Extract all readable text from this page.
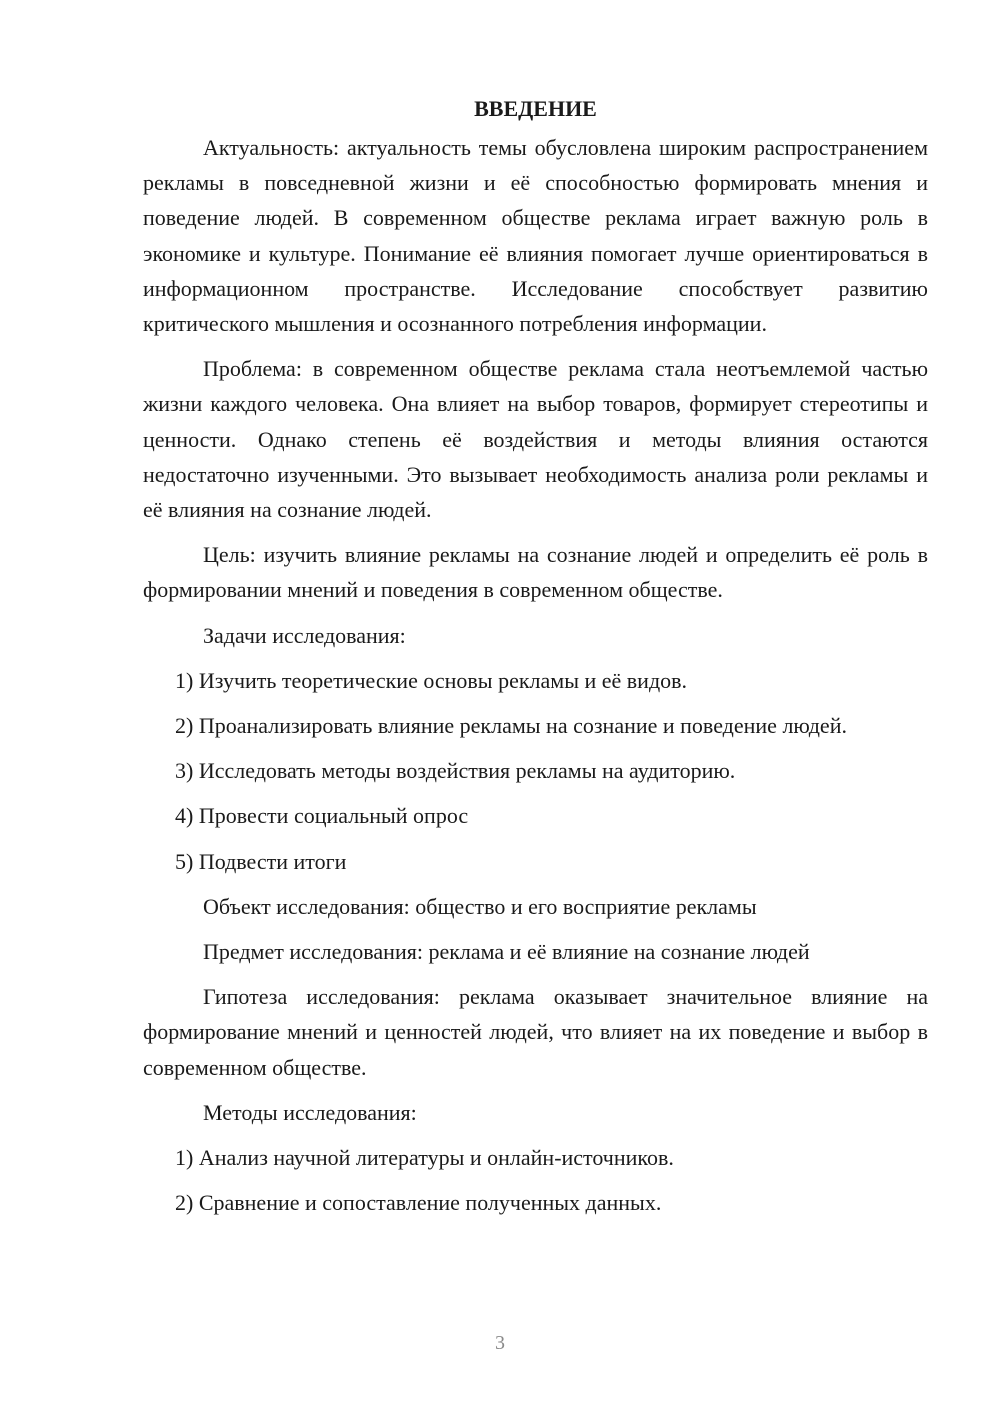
ВВЕДЕНИЕ

Актуальность: актуальность темы обусловлена широким распространением рекламы в повседневной жизни и её способностью формировать мнения и поведение людей. В современном обществе реклама играет важную роль в экономике и культуре. Понимание её влияния помогает лучше ориентироваться в информационном пространстве. Исследование способствует развитию критического мышления и осознанного потребления информации.

Проблема: в современном обществе реклама стала неотъемлемой частью жизни каждого человека. Она влияет на выбор товаров, формирует стереотипы и ценности. Однако степень её воздействия и методы влияния остаются недостаточно изученными. Это вызывает необходимость анализа роли рекламы и её влияния на сознание людей.

Цель: изучить влияние рекламы на сознание людей и определить её роль в формировании мнений и поведения в современном обществе.

Задачи исследования:

1) Изучить теоретические основы рекламы и её видов.

2) Проанализировать влияние рекламы на сознание и поведение людей.

3) Исследовать методы воздействия рекламы на аудиторию.

4) Провести социальный опрос

5) Подвести итоги

Объект исследования: общество и его восприятие рекламы

Предмет исследования: реклама и её влияние на сознание людей

Гипотеза исследования: реклама оказывает значительное влияние на формирование мнений и ценностей людей, что влияет на их поведение и выбор в современном обществе.

Методы исследования:

1) Анализ научной литературы и онлайн-источников.

2) Сравнение и сопоставление полученных данных.

3
